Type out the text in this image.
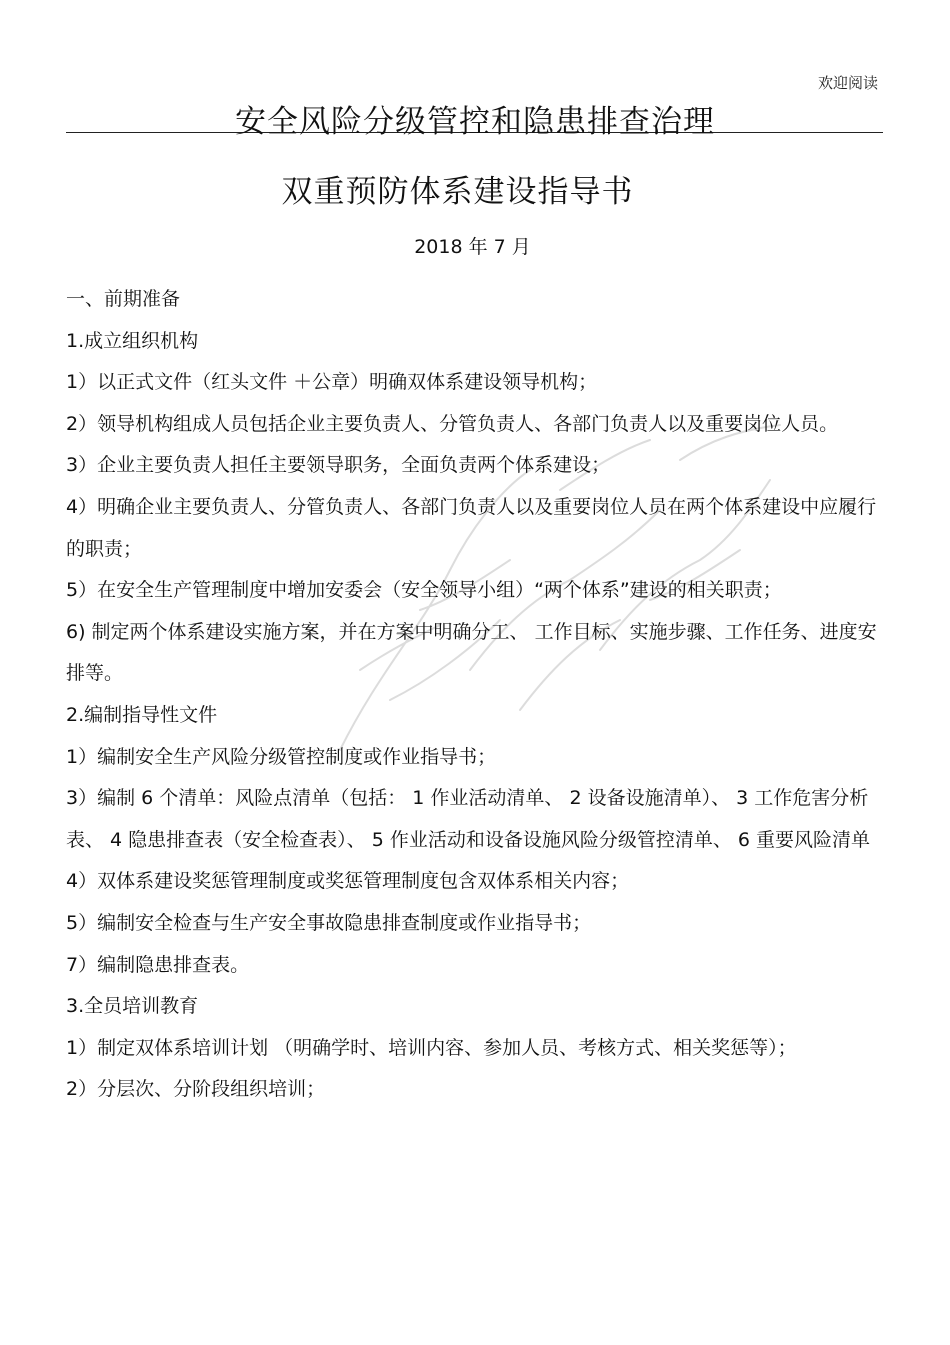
欢迎阅读
安全风险分级管控和隐患排查治理
双重预防体系建设指导书
2018 年 7 月

一、前期准备

1.成立组织机构

1）以正式文件（红头文件 ＋公章）明确双体系建设领导机构；

2）领导机构组成人员包括企业主要负责人、分管负责人、各部门负责人以及重要岗位人员。

3）企业主要负责人担任主要领导职务，全面负责两个体系建设；

4）明确企业主要负责人、分管负责人、各部门负责人以及重要岗位人员在两个体系建设中应履行的职责；

5）在安全生产管理制度中增加安委会（安全领导小组）“两个体系”建设的相关职责；

6) 制定两个体系建设实施方案，并在方案中明确分工、 工作目标、实施步骤、工作任务、进度安排等。

2.编制指导性文件

1）编制安全生产风险分级管控制度或作业指导书；

3）编制 6 个清单：风险点清单（包括： 1 作业活动清单、 2 设备设施清单）、 3 工作危害分析表、 4 隐患排查表（安全检查表）、 5 作业活动和设备设施风险分级管控清单、 6 重要风险清单

4）双体系建设奖惩管理制度或奖惩管理制度包含双体系相关内容；

5）编制安全检查与生产安全事故隐患排查制度或作业指导书；

7）编制隐患排查表。

3.全员培训教育

1）制定双体系培训计划 （明确学时、培训内容、参加人员、考核方式、相关奖惩等）；

2）分层次、分阶段组织培训；
